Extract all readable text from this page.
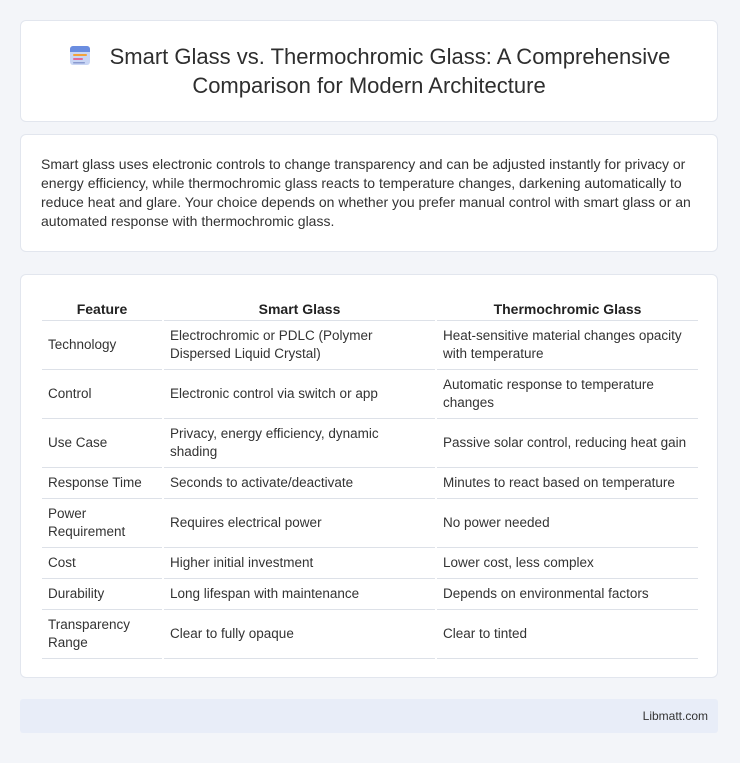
Smart Glass vs. Thermochromic Glass: A Comprehensive Comparison for Modern Architecture

Smart glass uses electronic controls to change transparency and can be adjusted instantly for privacy or energy efficiency, while thermochromic glass reacts to temperature changes, darkening automatically to reduce heat and glare. Your choice depends on whether you prefer manual control with smart glass or an automated response with thermochromic glass.

Feature	Smart Glass	Thermochromic Glass
Technology	Electrochromic or PDLC (Polymer Dispersed Liquid Crystal)	Heat-sensitive material changes opacity with temperature
Control	Electronic control via switch or app	Automatic response to temperature changes
Use Case	Privacy, energy efficiency, dynamic shading	Passive solar control, reducing heat gain
Response Time	Seconds to activate/deactivate	Minutes to react based on temperature
Power Requirement	Requires electrical power	No power needed
Cost	Higher initial investment	Lower cost, less complex
Durability	Long lifespan with maintenance	Depends on environmental factors
Transparency Range	Clear to fully opaque	Clear to tinted
Libmatt.com
